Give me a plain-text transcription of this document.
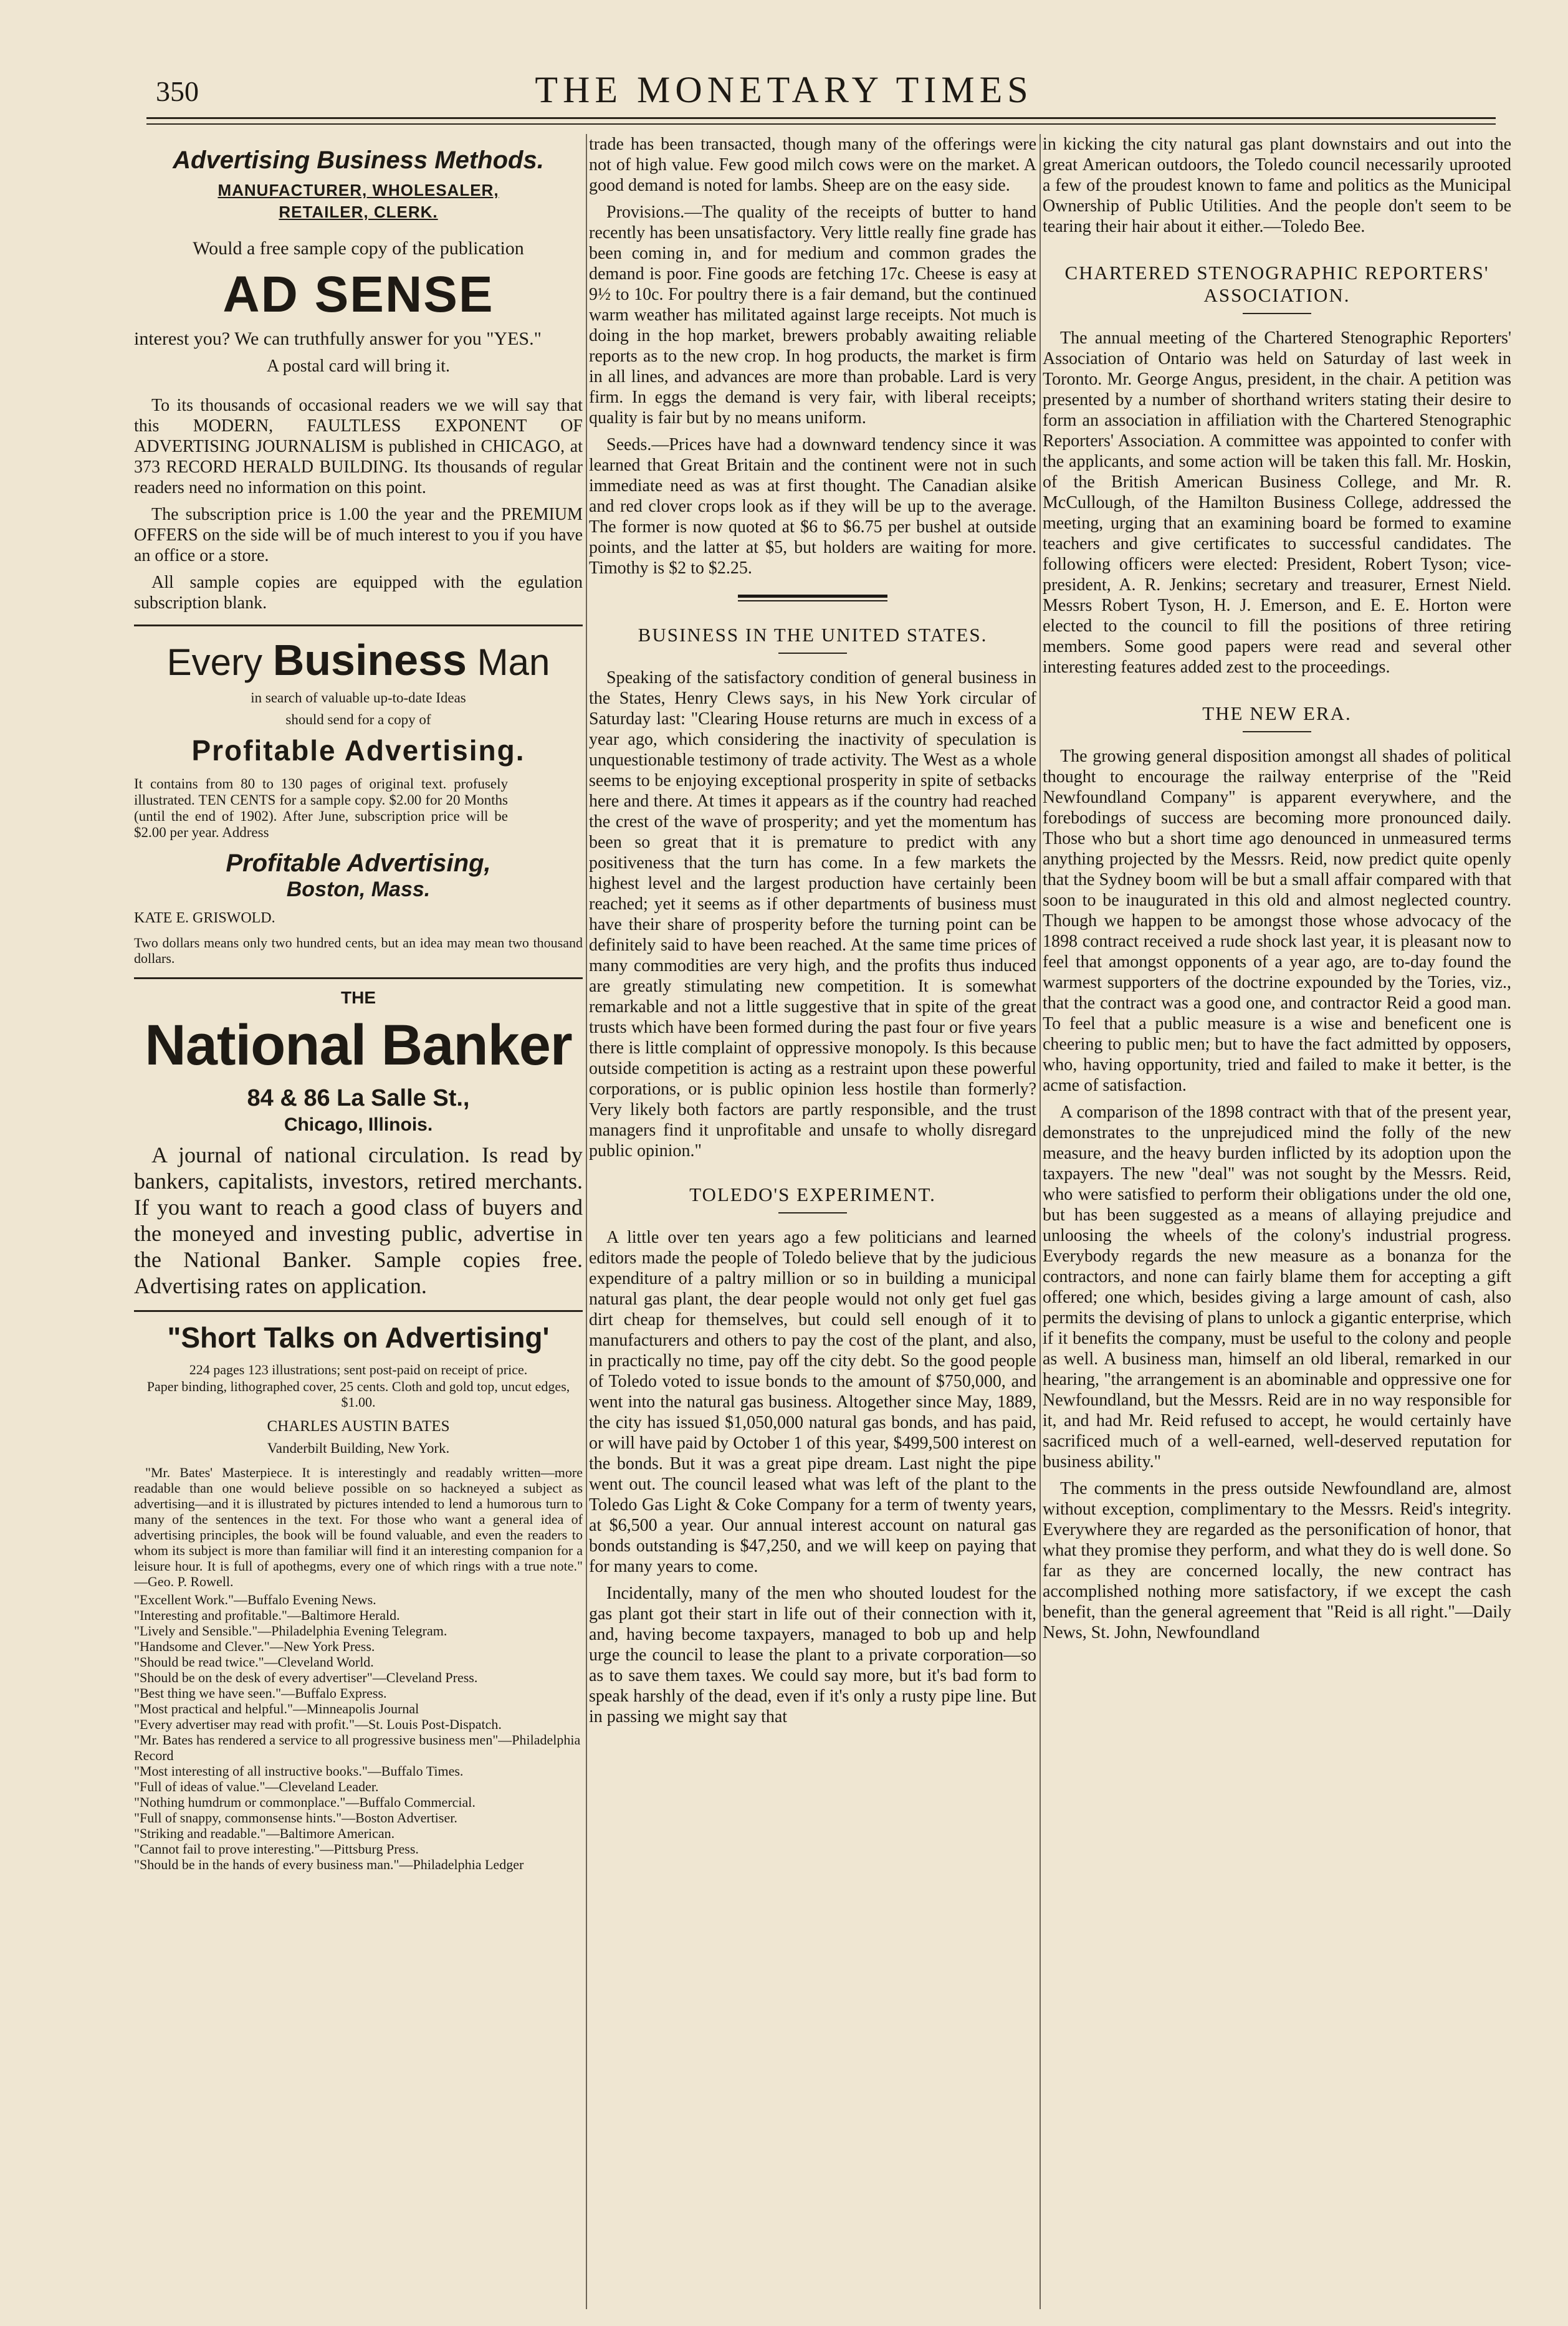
350	THE MONETARY TIMES
Advertising Business Methods.
MANUFACTURER, WHOLESALER,
RETAILER, CLERK.

Would a free sample copy of the publication

AD SENSE

interest you? We can truthfully answer for you "YES."

A postal card will bring it.

To its thousands of occasional readers we we will say that this MODERN, FAULTLESS EXPONENT OF ADVERTISING JOURNALISM is published in CHICAGO, at 373 RECORD HERALD BUILDING. Its thousands of regular readers need no information on this point.

The subscription price is 1.00 the year and the PREMIUM OFFERS on the side will be of much interest to you if you have an office or a store.

All sample copies are equipped with the egulation subscription blank.

Every Business Man

in search of valuable up-to-date Ideas

should send for a copy of

Profitable Advertising.

It contains from 80 to 130 pages of original text. profusely illustrated. TEN CENTS for a sample copy. $2.00 for 20 Months (until the end of 1902). After June, subscription price will be $2.00 per year. Address

Profitable Advertising,
Boston, Mass.

KATE E. GRISWOLD.

Two dollars means only two hundred cents, but an idea may mean two thousand dollars.

THE
National Banker
84 & 86 La Salle St.,
Chicago, Illinois.

A journal of national circulation. Is read by bankers, capitalists, investors, retired merchants. If you want to reach a good class of buyers and the moneyed and investing public, advertise in the National Banker. Sample copies free. Advertising rates on application.

"Short Talks on Advertising'

224 pages 123 illustrations; sent post-paid on receipt of price.

Paper binding, lithographed cover, 25 cents. Cloth and gold top, uncut edges, $1.00.

CHARLES AUSTIN BATES

Vanderbilt Building, New York.

"Mr. Bates' Masterpiece. It is interestingly and readably written—more readable than one would believe possible on so hackneyed a subject as advertising—and it is illustrated by pictures intended to lend a humorous turn to many of the sentences in the text. For those who want a general idea of advertising principles, the book will be found valuable, and even the readers to whom its subject is more than familiar will find it an interesting companion for a leisure hour. It is full of apothegms, every one of which rings with a true note." —Geo. P. Rowell.

"Excellent Work."—Buffalo Evening News.

"Interesting and profitable."—Baltimore Herald.

"Lively and Sensible."—Philadelphia Evening Telegram.

"Handsome and Clever."—New York Press.

"Should be read twice."—Cleveland World.

"Should be on the desk of every advertiser"—Cleveland Press.

"Best thing we have seen."—Buffalo Express.

"Most practical and helpful."—Minneapolis Journal

"Every advertiser may read with profit."—St. Louis Post-Dispatch.

"Mr. Bates has rendered a service to all progressive business men"—Philadelphia Record

"Most interesting of all instructive books."—Buffalo Times.

"Full of ideas of value."—Cleveland Leader.

"Nothing humdrum or commonplace."—Buffalo Commercial.

"Full of snappy, commonsense hints."—Boston Advertiser.

"Striking and readable."—Baltimore American.

"Cannot fail to prove interesting."—Pittsburg Press.

"Should be in the hands of every business man."—Philadelphia Ledger

trade has been transacted, though many of the offerings were not of high value. Few good milch cows were on the market. A good demand is noted for lambs. Sheep are on the easy side.

Provisions.—The quality of the receipts of butter to hand recently has been unsatisfactory. Very little really fine grade has been coming in, and for medium and common grades the demand is poor. Fine goods are fetching 17c. Cheese is easy at 9½ to 10c. For poultry there is a fair demand, but the continued warm weather has militated against large receipts. Not much is doing in the hop market, brewers probably awaiting reliable reports as to the new crop. In hog products, the market is firm in all lines, and advances are more than probable. Lard is very firm. In eggs the demand is very fair, with liberal receipts; quality is fair but by no means uniform.

Seeds.—Prices have had a downward tendency since it was learned that Great Britain and the continent were not in such immediate need as was at first thought. The Canadian alsike and red clover crops look as if they will be up to the average. The former is now quoted at $6 to $6.75 per bushel at outside points, and the latter at $5, but holders are waiting for more. Timothy is $2 to $2.25.

BUSINESS IN THE UNITED STATES.

Speaking of the satisfactory condition of general business in the States, Henry Clews says, in his New York circular of Saturday last: "Clearing House returns are much in excess of a year ago, which considering the inactivity of speculation is unquestionable testimony of trade activity. The West as a whole seems to be enjoying exceptional prosperity in spite of setbacks here and there. At times it appears as if the country had reached the crest of the wave of prosperity; and yet the momentum has been so great that it is premature to predict with any positiveness that the turn has come. In a few markets the highest level and the largest production have certainly been reached; yet it seems as if other departments of business must have their share of prosperity before the turning point can be definitely said to have been reached. At the same time prices of many commodities are very high, and the profits thus induced are greatly stimulating new competition. It is somewhat remarkable and not a little suggestive that in spite of the great trusts which have been formed during the past four or five years there is little complaint of oppressive monopoly. Is this because outside competition is acting as a restraint upon these powerful corporations, or is public opinion less hostile than formerly? Very likely both factors are partly responsible, and the trust managers find it unprofitable and unsafe to wholly disregard public opinion."

TOLEDO'S EXPERIMENT.

A little over ten years ago a few politicians and learned editors made the people of Toledo believe that by the judicious expenditure of a paltry million or so in building a municipal natural gas plant, the dear people would not only get fuel gas dirt cheap for themselves, but could sell enough of it to manufacturers and others to pay the cost of the plant, and also, in practically no time, pay off the city debt. So the good people of Toledo voted to issue bonds to the amount of $750,000, and went into the natural gas business. Altogether since May, 1889, the city has issued $1,050,000 natural gas bonds, and has paid, or will have paid by October 1 of this year, $499,500 interest on the bonds. But it was a great pipe dream. Last night the pipe went out. The council leased what was left of the plant to the Toledo Gas Light & Coke Company for a term of twenty years, at $6,500 a year. Our annual interest account on natural gas bonds outstanding is $47,250, and we will keep on paying that for many years to come.

Incidentally, many of the men who shouted loudest for the gas plant got their start in life out of their connection with it, and, having become taxpayers, managed to bob up and help urge the council to lease the plant to a private corporation—so as to save them taxes. We could say more, but it's bad form to speak harshly of the dead, even if it's only a rusty pipe line. But in passing we might say that

in kicking the city natural gas plant downstairs and out into the great American outdoors, the Toledo council necessarily uprooted a few of the proudest known to fame and politics as the Municipal Ownership of Public Utilities. And the people don't seem to be tearing their hair about it either.—Toledo Bee.

CHARTERED STENOGRAPHIC REPORTERS' ASSOCIATION.

The annual meeting of the Chartered Stenographic Reporters' Association of Ontario was held on Saturday of last week in Toronto. Mr. George Angus, president, in the chair. A petition was presented by a number of shorthand writers stating their desire to form an association in affiliation with the Chartered Stenographic Reporters' Association. A committee was appointed to confer with the applicants, and some action will be taken this fall. Mr. Hoskin, of the British American Business College, and Mr. R. McCullough, of the Hamilton Business College, addressed the meeting, urging that an examining board be formed to examine teachers and give certificates to successful candidates. The following officers were elected: President, Robert Tyson; vice-president, A. R. Jenkins; secretary and treasurer, Ernest Nield. Messrs Robert Tyson, H. J. Emerson, and E. E. Horton were elected to the council to fill the positions of three retiring members. Some good papers were read and several other interesting features added zest to the proceedings.

THE NEW ERA.

The growing general disposition amongst all shades of political thought to encourage the railway enterprise of the "Reid Newfoundland Company" is apparent everywhere, and the forebodings of success are becoming more pronounced daily. Those who but a short time ago denounced in unmeasured terms anything projected by the Messrs. Reid, now predict quite openly that the Sydney boom will be but a small affair compared with that soon to be inaugurated in this old and almost neglected country. Though we happen to be amongst those whose advocacy of the 1898 contract received a rude shock last year, it is pleasant now to feel that amongst opponents of a year ago, are to-day found the warmest supporters of the doctrine expounded by the Tories, viz., that the contract was a good one, and contractor Reid a good man. To feel that a public measure is a wise and beneficent one is cheering to public men; but to have the fact admitted by opposers, who, having opportunity, tried and failed to make it better, is the acme of satisfaction.

A comparison of the 1898 contract with that of the present year, demonstrates to the unprejudiced mind the folly of the new measure, and the heavy burden inflicted by its adoption upon the taxpayers. The new "deal" was not sought by the Messrs. Reid, who were satisfied to perform their obligations under the old one, but has been suggested as a means of allaying prejudice and unloosing the wheels of the colony's industrial progress. Everybody regards the new measure as a bonanza for the contractors, and none can fairly blame them for accepting a gift offered; one which, besides giving a large amount of cash, also permits the devising of plans to unlock a gigantic enterprise, which if it benefits the company, must be useful to the colony and people as well. A business man, himself an old liberal, remarked in our hearing, "the arrangement is an abominable and oppressive one for Newfoundland, but the Messrs. Reid are in no way responsible for it, and had Mr. Reid refused to accept, he would certainly have sacrificed much of a well-earned, well-deserved reputation for business ability."

The comments in the press outside Newfoundland are, almost without exception, complimentary to the Messrs. Reid's integrity. Everywhere they are regarded as the personification of honor, that what they promise they perform, and what they do is well done. So far as they are concerned locally, the new contract has accomplished nothing more satisfactory, if we except the cash benefit, than the general agreement that "Reid is all right."—Daily News, St. John, Newfoundland
